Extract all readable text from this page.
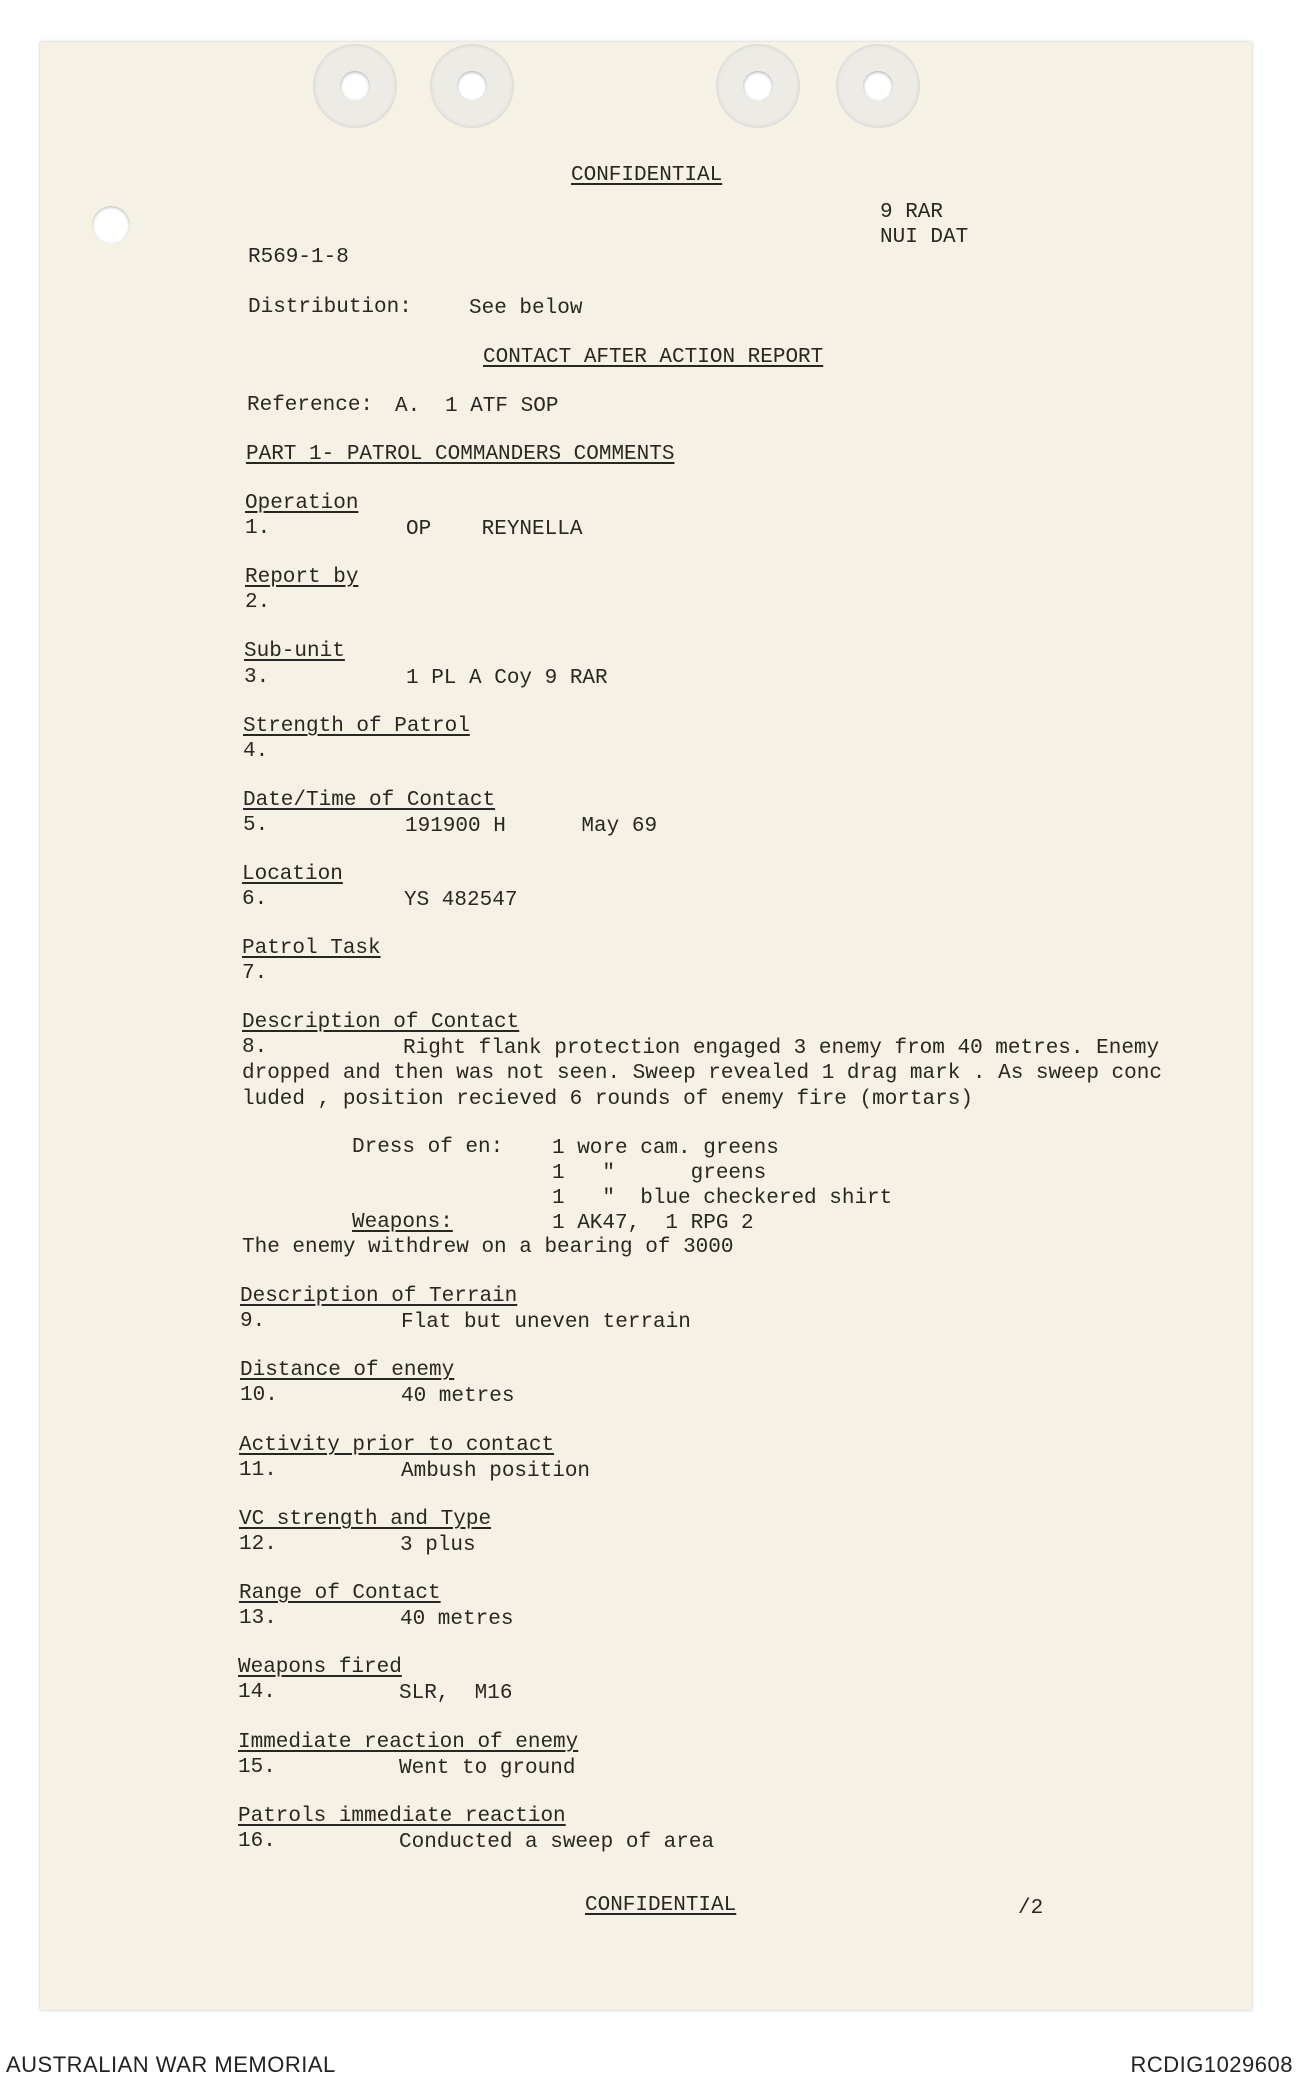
CONFIDENTIAL
9 RAR
NUI DAT
R569-1-8
Distribution:	See below
CONTACT AFTER ACTION REPORT
Reference: A. 1 ATF SOP
PART 1- PATROL COMMANDERS COMMENTS
Operation
1.	OP    REYNELLA
Report by
2.
Sub-unit
3.	1 PL A Coy 9 RAR
Strength of Patrol
4.
Date/Time of Contact
5.	191900 H      May 69
Location
6.	YS 482547
Patrol Task
7.
Description of Contact
8.	Right flank protection engaged 3 enemy from 40 metres. Enemy
dropped and then was not seen. Sweep revealed 1 drag mark . As sweep conc
luded , position recieved 6 rounds of enemy fire (mortars)
Dress of en: 1 wore cam. greens
1   "      greens
1   "  blue checkered shirt
Weapons:	1 AK47,  1 RPG 2
The enemy withdrew on a bearing of 3000
Description of Terrain
9.	Flat but uneven terrain
Distance of enemy
10.	40 metres
Activity prior to contact
11.	Ambush position
VC strength and Type
12.	3 plus
Range of Contact
13.	40 metres
Weapons fired
14.	SLR,  M16
Immediate reaction of enemy
15.	Went to ground
Patrols immediate reaction
16.	Conducted a sweep of area
CONFIDENTIAL	/2
AUSTRALIAN WAR MEMORIAL	RCDIG1029608
